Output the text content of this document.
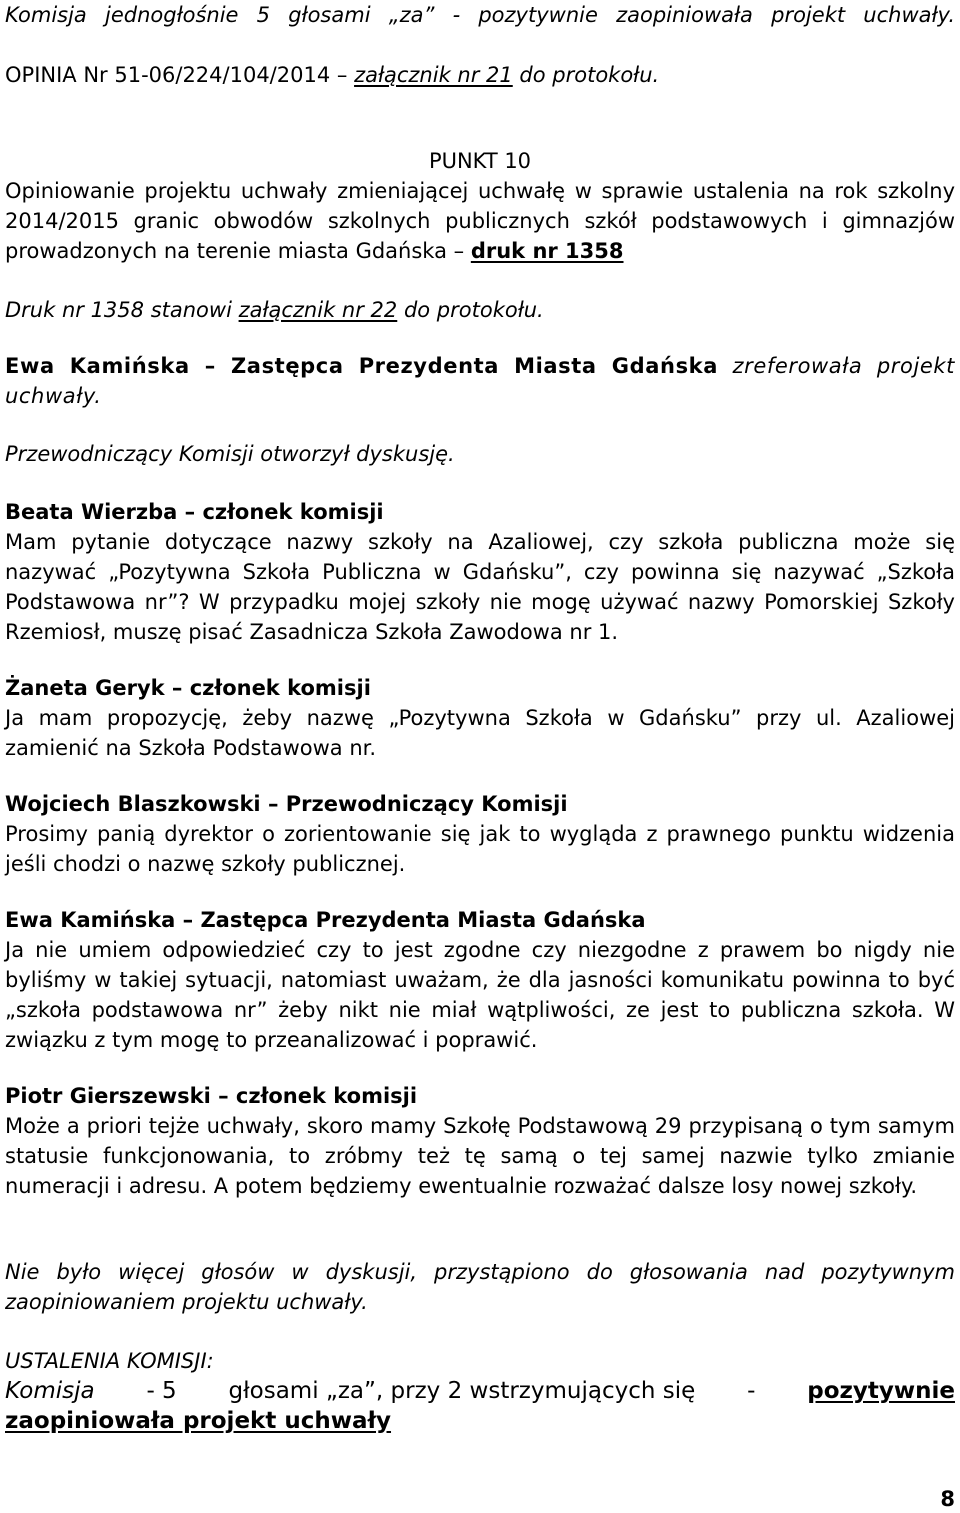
Komisja jednogłośnie 5 głosami „za” - pozytywnie zaopiniowała projekt uchwały.
OPINIA Nr 51-06/224/104/2014 – załącznik nr 21 do protokołu.
PUNKT 10
Opiniowanie projektu uchwały zmieniającej uchwałę w sprawie ustalenia na rok szkolny 2014/2015 granic obwodów szkolnych publicznych szkół podstawowych i gimnazjów prowadzonych na terenie miasta Gdańska – druk nr 1358
Druk nr 1358 stanowi załącznik nr 22 do protokołu.
Ewa Kamińska – Zastępca Prezydenta Miasta Gdańska zreferowała projekt uchwały.
Przewodniczący Komisji otworzył dyskusję.
Beata Wierzba – członek komisji
Mam pytanie dotyczące nazwy szkoły na Azaliowej, czy szkoła publiczna może się nazywać „Pozytywna Szkoła Publiczna w Gdańsku”, czy powinna się nazywać „Szkoła Podstawowa nr”? W przypadku mojej szkoły nie mogę używać nazwy Pomorskiej Szkoły Rzemiosł, muszę pisać Zasadnicza Szkoła Zawodowa nr 1.
Żaneta Geryk – członek komisji
Ja mam propozycję, żeby nazwę „Pozytywna Szkoła w Gdańsku” przy ul. Azaliowej zamienić na Szkoła Podstawowa nr.
Wojciech Blaszkowski – Przewodniczący Komisji
Prosimy panią dyrektor o zorientowanie się jak to wygląda z prawnego punktu widzenia jeśli chodzi o nazwę szkoły publicznej.
Ewa Kamińska – Zastępca Prezydenta Miasta Gdańska
Ja nie umiem odpowiedzieć czy to jest zgodne czy niezgodne z prawem bo nigdy nie byliśmy w takiej sytuacji, natomiast uważam, że dla jasności komunikatu powinna to być „szkoła podstawowa nr” żeby nikt nie miał wątpliwości, ze jest to publiczna szkoła. W związku z tym mogę to przeanalizować i poprawić.
Piotr Gierszewski – członek komisji
Może a priori tejże uchwały, skoro mamy Szkołę Podstawową 29 przypisaną o tym samym statusie funkcjonowania, to zróbmy też tę samą o tej samej nazwie tylko zmianie numeracji i adresu. A potem będziemy ewentualnie rozważać dalsze losy nowej szkoły.
Nie było więcej głosów w dyskusji, przystąpiono do głosowania nad pozytywnym zaopiniowaniem projektu uchwały.
USTALENIA KOMISJI:
Komisja - 5 głosami „za”, przy 2 wstrzymujących się - pozytywnie
zaopiniowała projekt uchwały
8
